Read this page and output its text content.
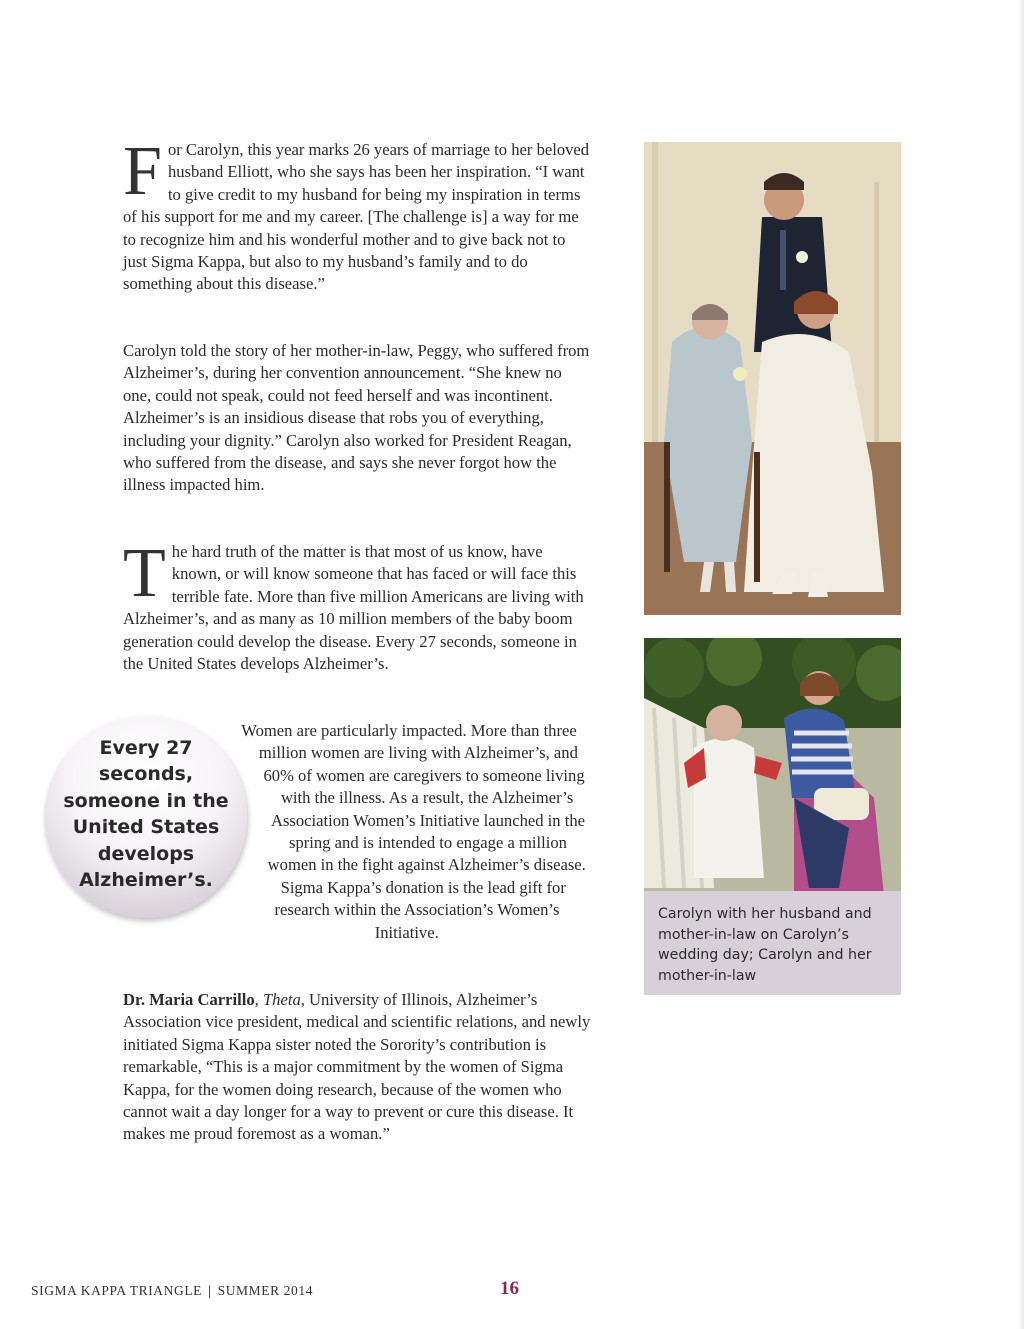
For Carolyn, this year marks 26 years of marriage to her beloved husband Elliott, who she says has been her inspiration. “I want to give credit to my husband for being my inspiration in terms of his support for me and my career. [The challenge is] a way for me to recognize him and his wonderful mother and to give back not to just Sigma Kappa, but also to my husband’s family and to do something about this disease.”

Carolyn told the story of her mother-in-law, Peggy, who suffered from Alzheimer’s, during her convention announcement. “She knew no one, could not speak, could not feed herself and was incontinent. Alzheimer’s is an insidious disease that robs you of everything, including your dignity.” Carolyn also worked for President Reagan, who suffered from the disease, and says she never forgot how the illness impacted him.

The hard truth of the matter is that most of us know, have known, or will know someone that has faced or will face this terrible fate. More than five million Americans are living with Alzheimer’s, and as many as 10 million members of the baby boom generation could develop the disease. Every 27 seconds, someone in the United States develops Alzheimer’s.

Women are particularly impacted. More than three million women are living with Alzheimer’s, and 60% of women are caregivers to someone living with the illness. As a result, the Alzheimer’s Association Women’s Initiative launched in the spring and is intended to engage a million women in the fight against Alzheimer’s disease. Sigma Kappa’s donation is the lead gift for research within the Association’s Women’s Initiative.

Every 27 seconds, someone in the United States develops Alzheimer’s.

Dr. Maria Carrillo, Theta, University of Illinois, Alzheimer’s Association vice president, medical and scientific relations, and newly initiated Sigma Kappa sister noted the Sorority’s contribution is remarkable, “This is a major commitment by the women of Sigma Kappa, for the women doing research, because of the women who cannot wait a day longer for a way to prevent or cure this disease. It makes me proud foremost as a woman.”

Carolyn with her husband and mother-in-law on Carolyn’s wedding day; Carolyn and her mother-in-law
SIGMA KAPPA TRIANGLE | SUMMER 2014	16
